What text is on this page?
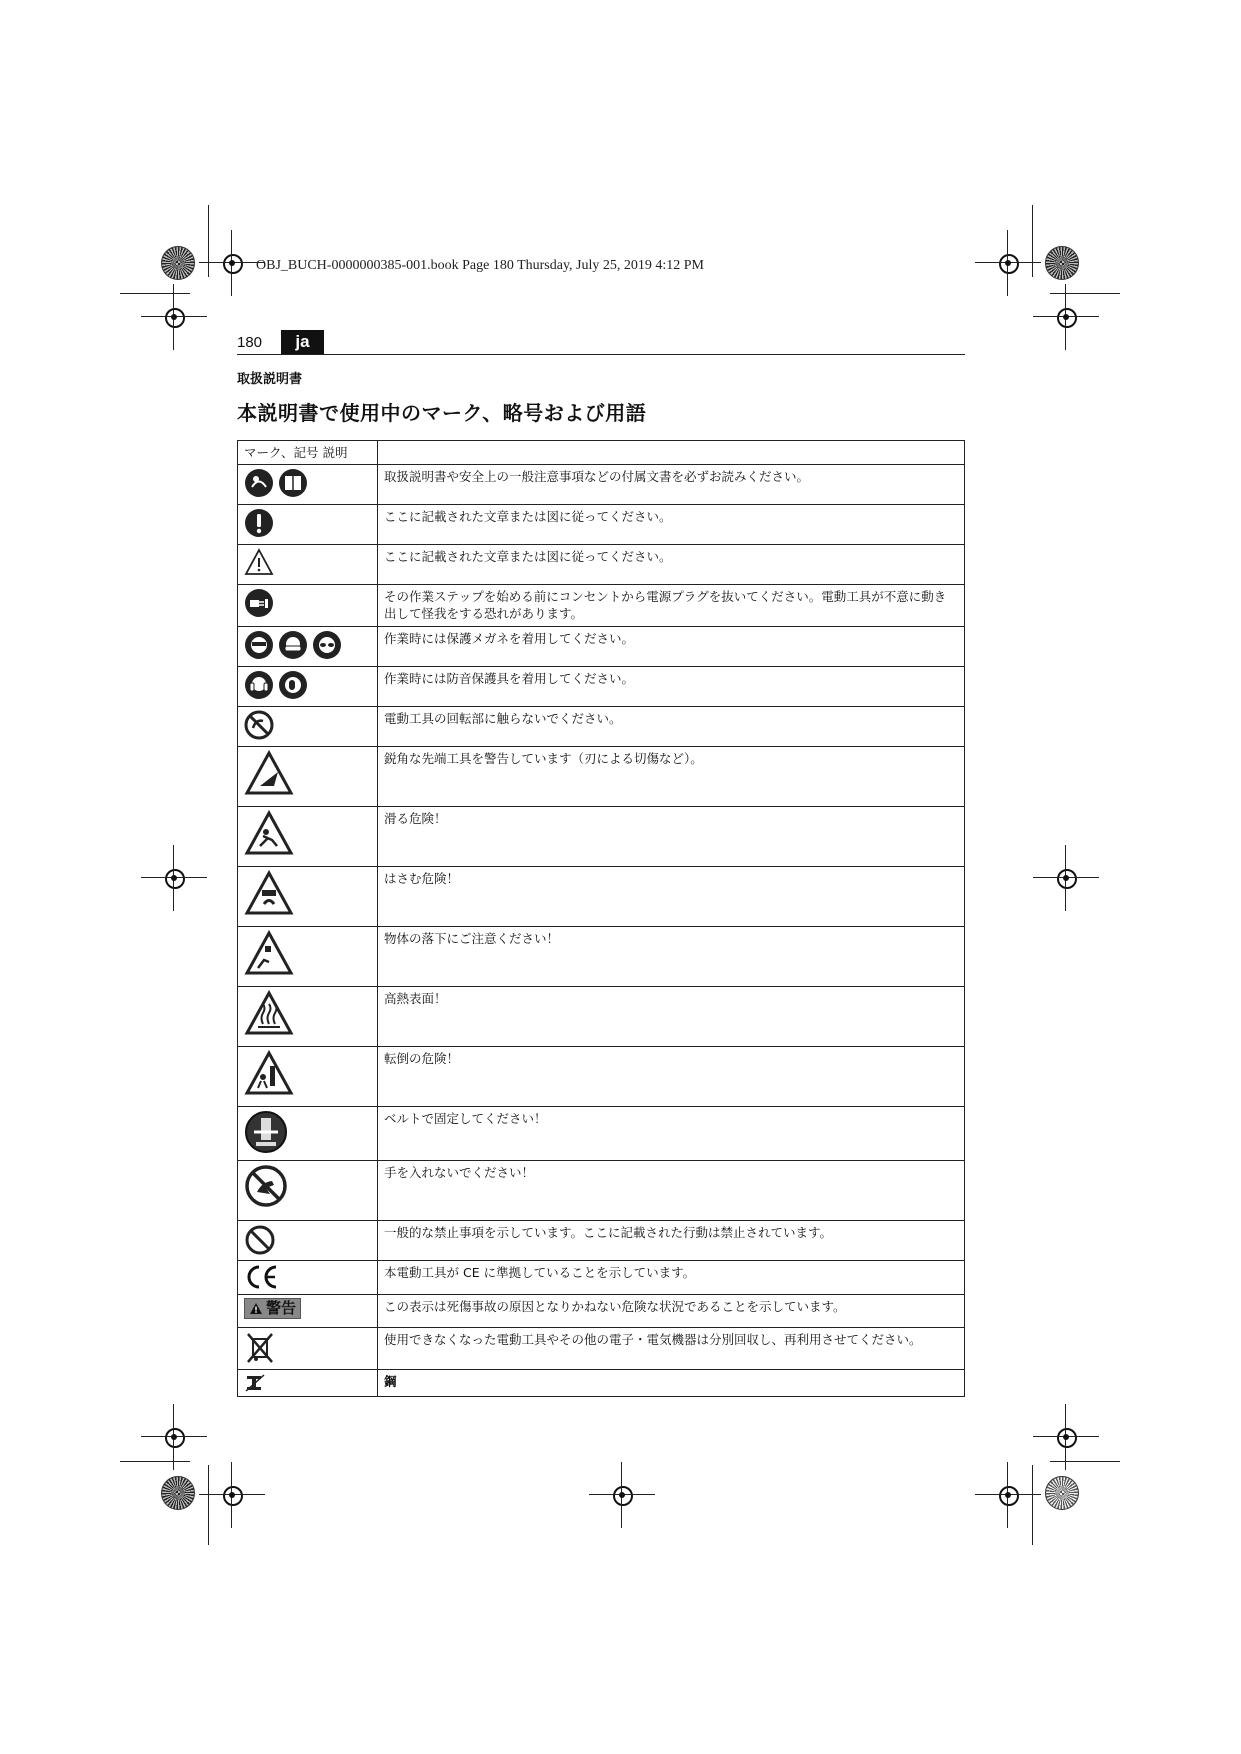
OBJ_BUCH-0000000385-001.book Page 180 Thursday, July 25, 2019 4:12 PM
180	ja
取扱説明書
本説明書で使用中のマーク、略号および用語
マーク、記号 説明	

	取扱説明書や安全上の一般注意事項などの付属文書を必ずお読みください。

	ここに記載された文章または図に従ってください。

	ここに記載された文章または図に従ってください。

	その作業ステップを始める前にコンセントから電源プラグを抜いてください。電動工具が不意に動き出して怪我をする恐れがあります。

	作業時には保護メガネを着用してください。

	作業時には防音保護具を着用してください。

	電動工具の回転部に触らないでください。

	鋭角な先端工具を警告しています（刃による切傷など）。

	滑る危険！

	はさむ危険！

	物体の落下にご注意ください！

	高熱表面！

	転倒の危険！

	ベルトで固定してください！

	手を入れないでください！

	一般的な禁止事項を示しています。ここに記載された行動は禁止されています。

	本電動工具が CE に準拠していることを示しています。

警告	この表示は死傷事故の原因となりかねない危険な状況であることを示しています。

	使用できなくなった電動工具やその他の電子・電気機器は分別回収し、再利用させてください。

	鋼
